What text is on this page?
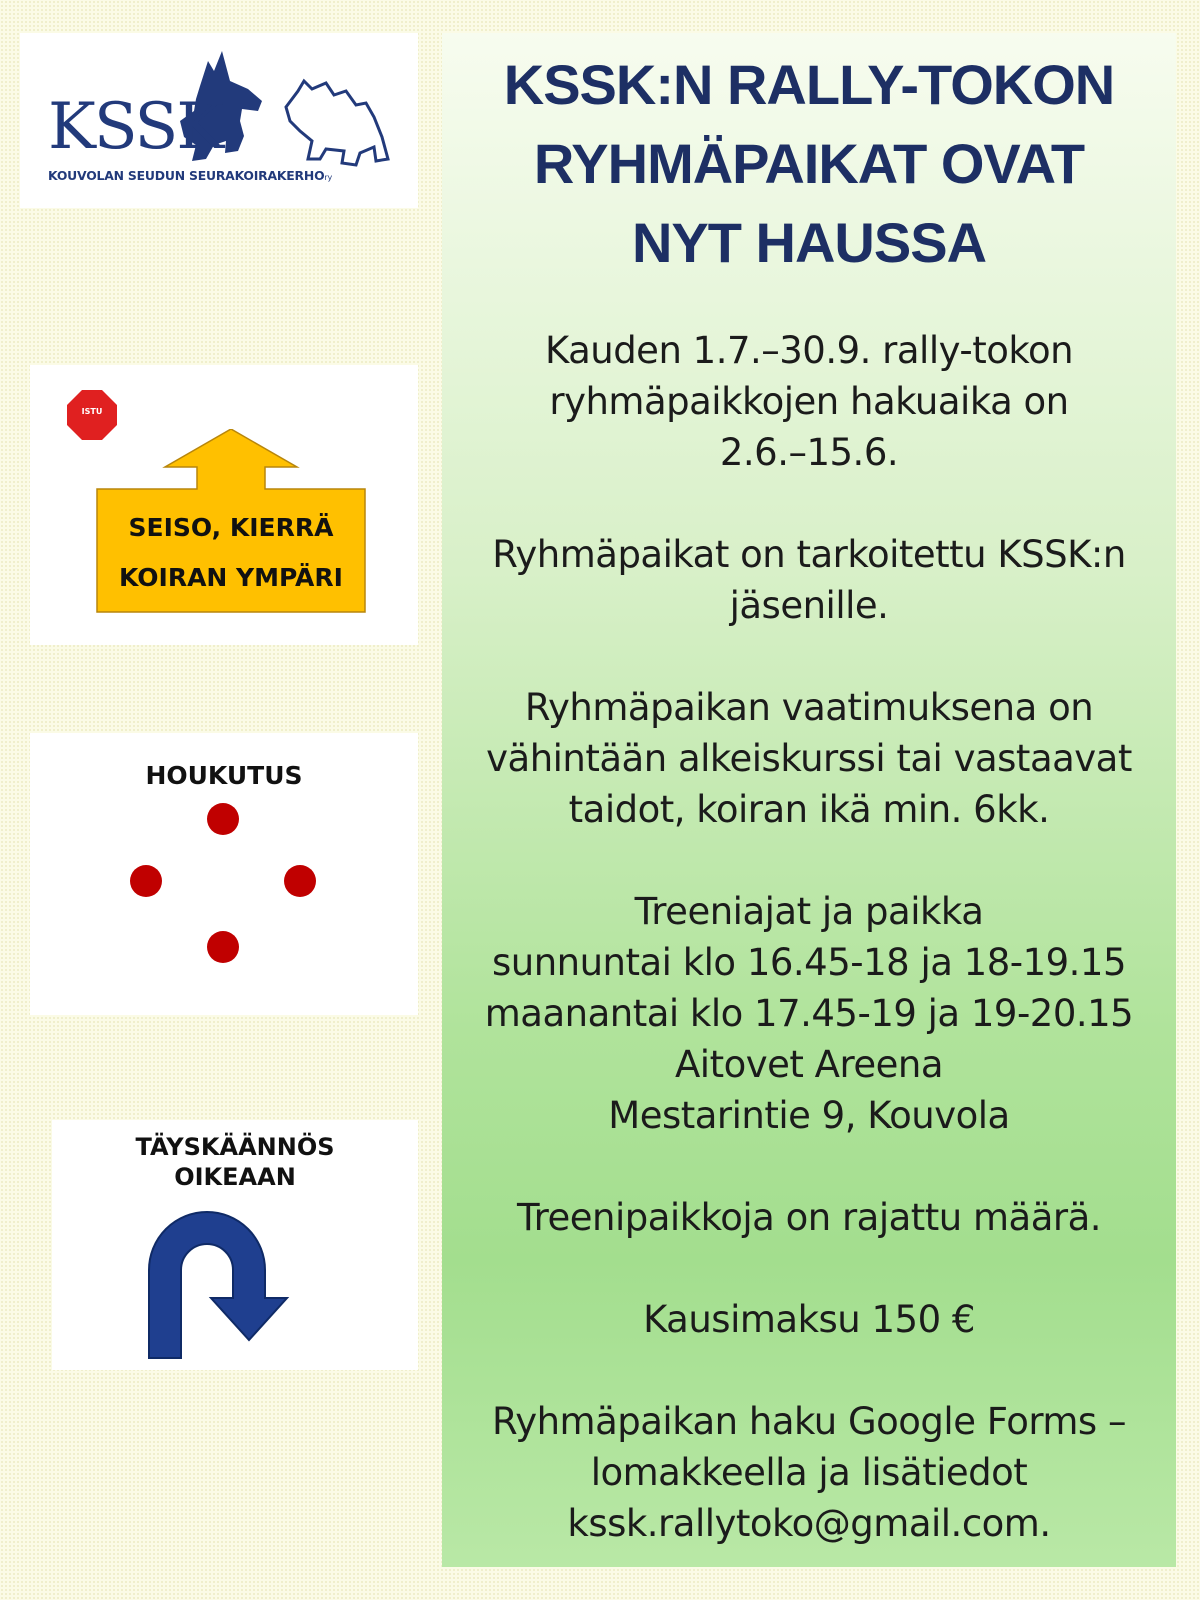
KSSK
KOUVOLAN SEUDUN SEURAKOIRAKERHOry
ISTU
SEISO, KIERRÄ
KOIRAN YMPÄRI
HOUKUTUS
TÄYSKÄÄNNÖS
OIKEAAN
KSSK:N RALLY-TOKON
RYHMÄPAIKAT OVAT
NYT HAUSSA
Kauden 1.7.–30.9. rally-tokon
ryhmäpaikkojen hakuaika on
2.6.–15.6.
Ryhmäpaikat on tarkoitettu KSSK:n
jäsenille.
Ryhmäpaikan vaatimuksena on
vähintään alkeiskurssi tai vastaavat
taidot, koiran ikä min. 6kk.
Treeniajat ja paikka
sunnuntai klo 16.45-18 ja 18-19.15
maanantai klo 17.45-19 ja 19-20.15
Aitovet Areena
Mestarintie 9, Kouvola
Treenipaikkoja on rajattu määrä.
Kausimaksu 150 €
Ryhmäpaikan haku Google Forms –
lomakkeella ja lisätiedot
kssk.rallytoko@gmail.com.
